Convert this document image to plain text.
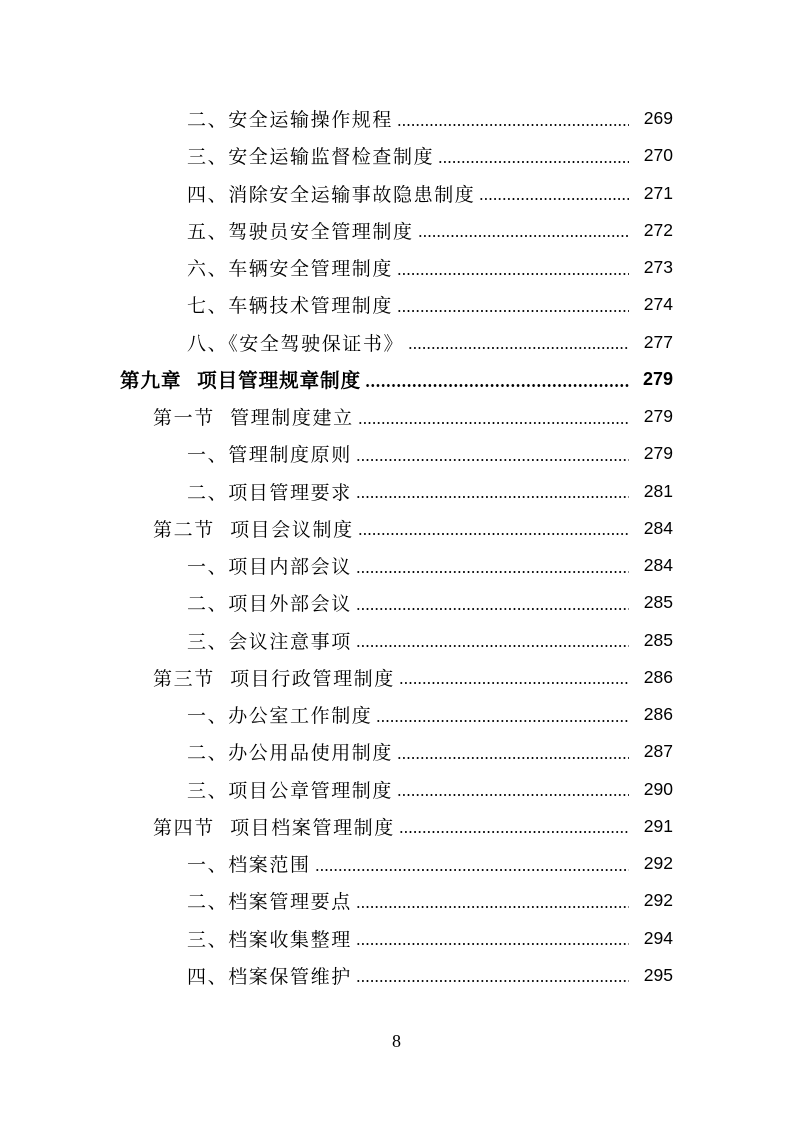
二、安全运输操作规程	269
三、安全运输监督检查制度	270
四、消除安全运输事故隐患制度	271
五、驾驶员安全管理制度	272
六、车辆安全管理制度	273
七、车辆技术管理制度	274
八、《安全驾驶保证书》	277
第九章  项目管理规章制度	279
第一节  管理制度建立	279
一、管理制度原则	279
二、项目管理要求	281
第二节  项目会议制度	284
一、项目内部会议	284
二、项目外部会议	285
三、会议注意事项	285
第三节  项目行政管理制度	286
一、办公室工作制度	286
二、办公用品使用制度	287
三、项目公章管理制度	290
第四节  项目档案管理制度	291
一、档案范围	292
二、档案管理要点	292
三、档案收集整理	294
四、档案保管维护	295
8
